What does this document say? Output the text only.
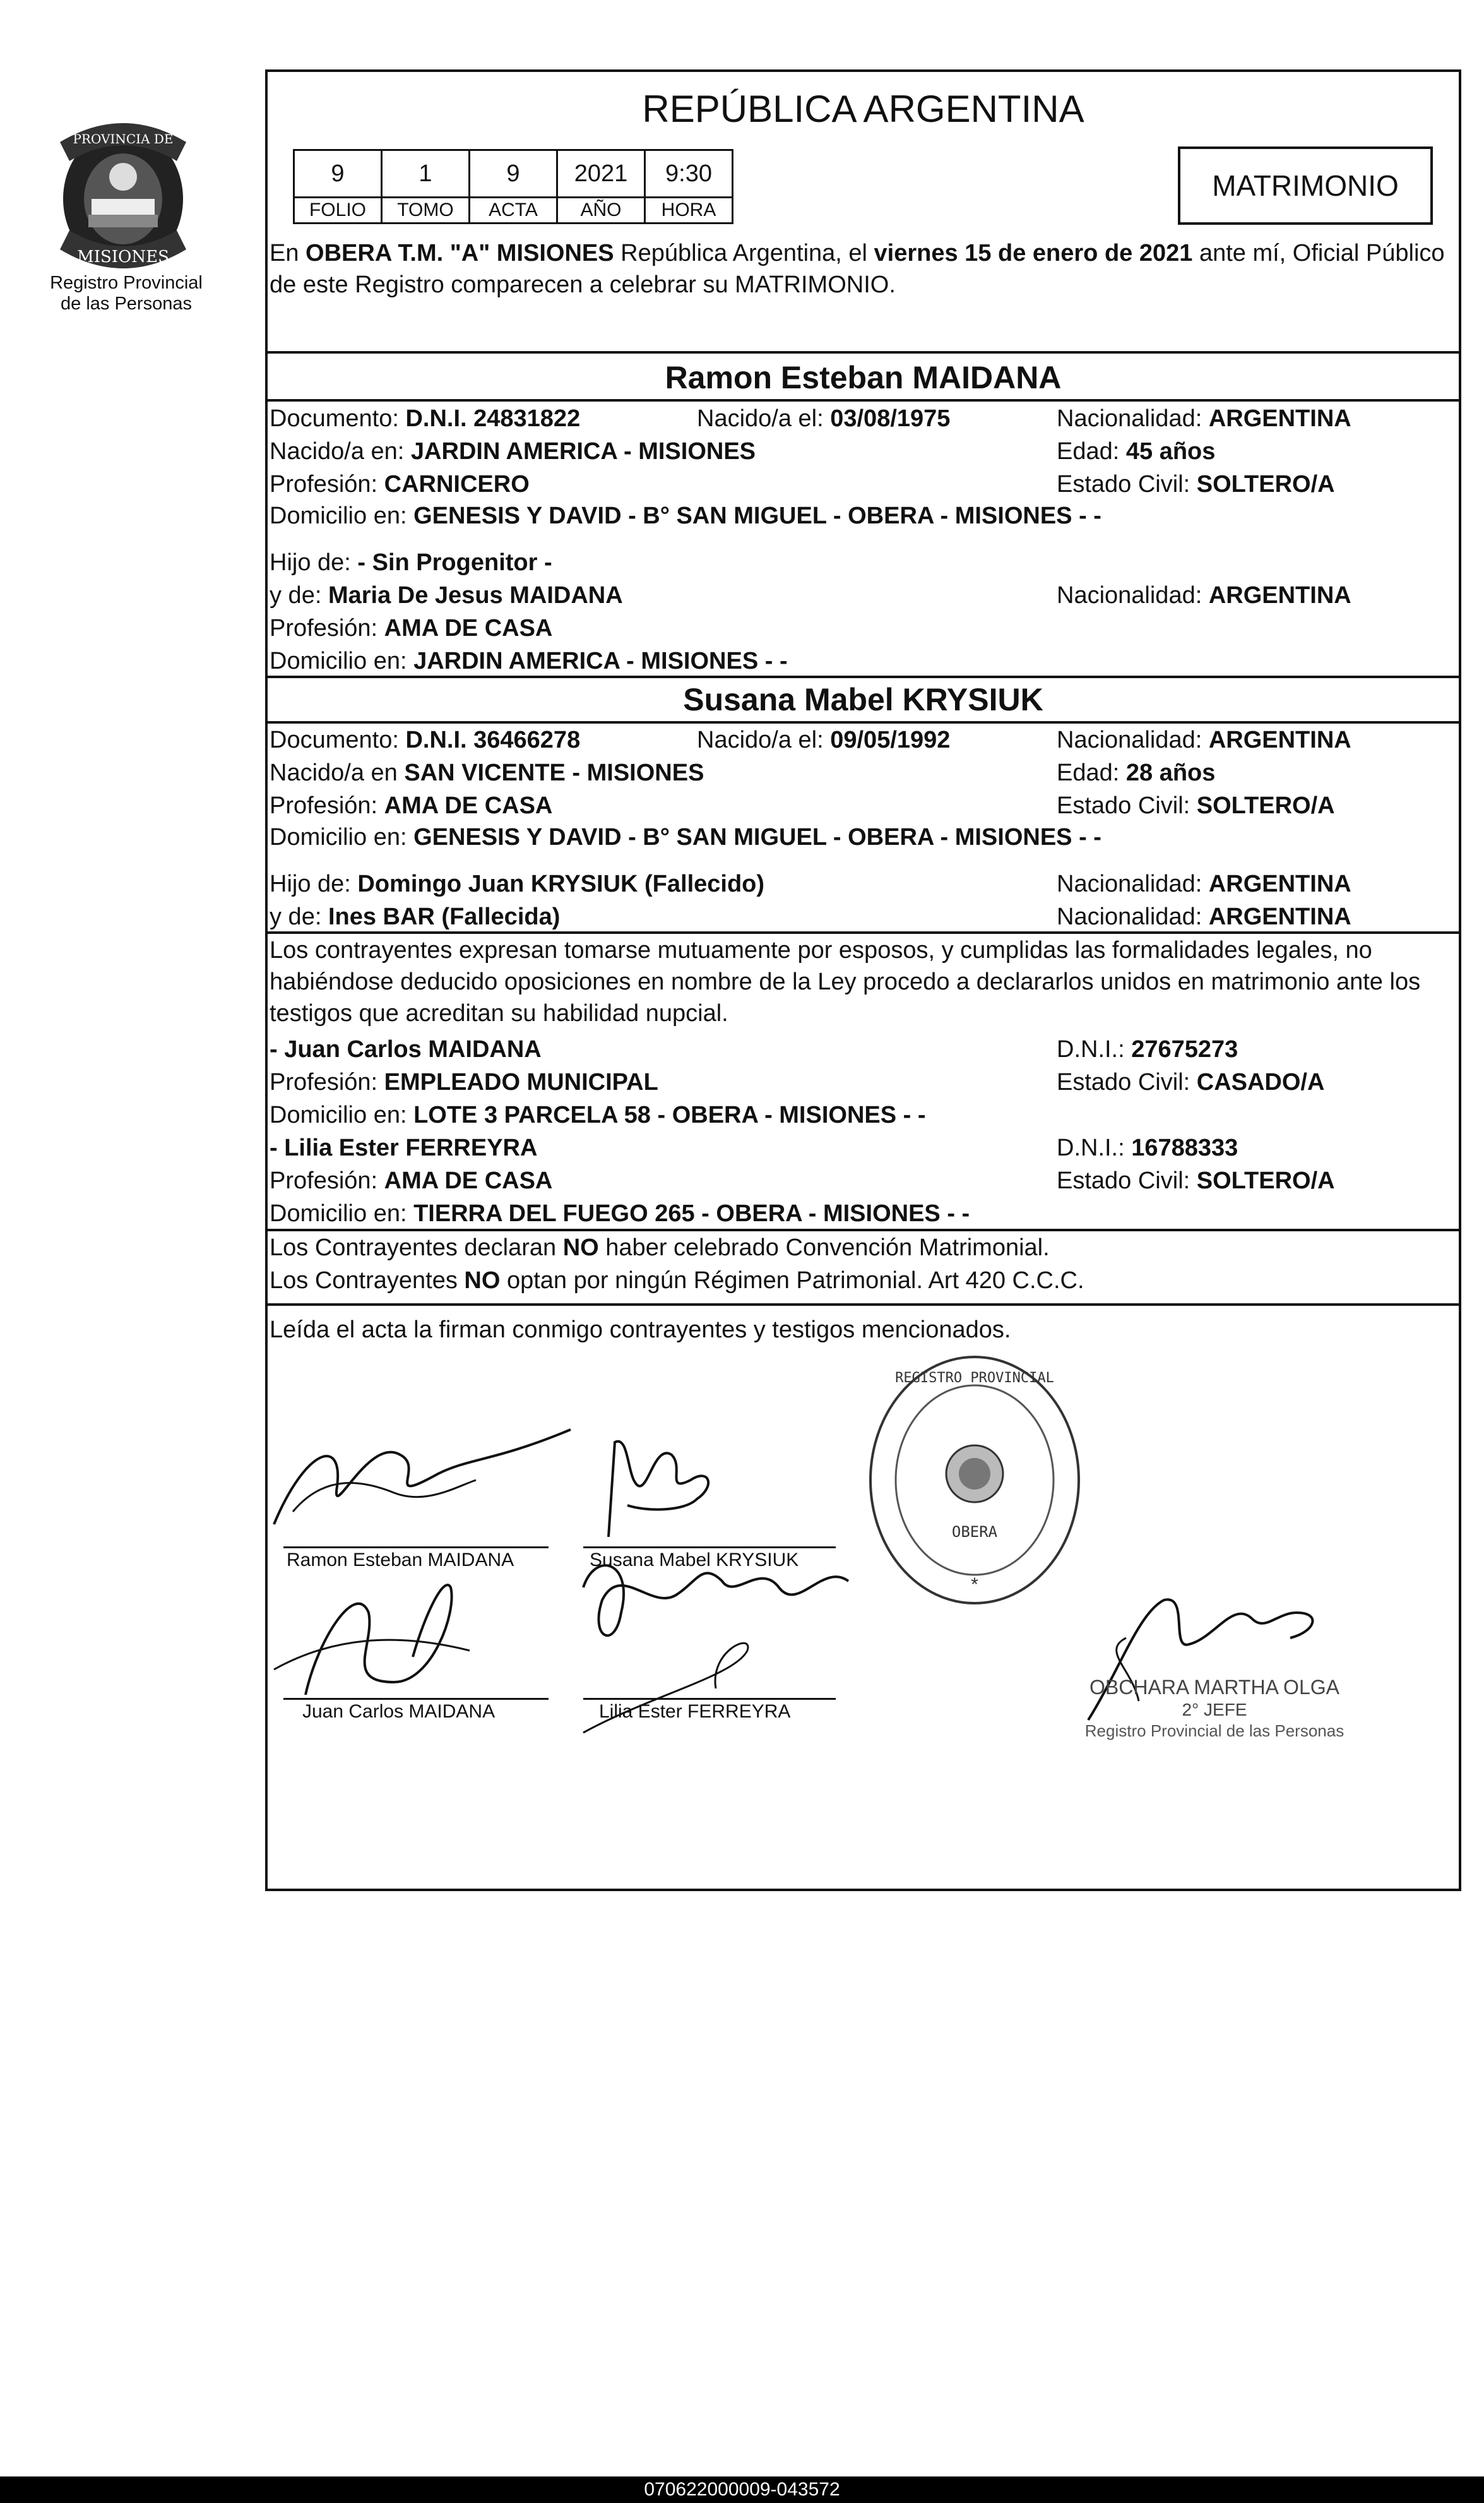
PROVINCIA DE
MISIONES
Registro Provincial
de las Personas
REPÚBLICA ARGENTINA
9	1	9	2021	9:30
FOLIO	TOMO	ACTA	AÑO	HORA
MATRIMONIO
En OBERA T.M. "A" MISIONES República Argentina, el viernes 15 de enero de 2021 ante mí, Oficial Público de este Registro comparecen a celebrar su MATRIMONIO.
Ramon Esteban MAIDANA
Documento: D.N.I. 24831822	Nacido/a el: 03/08/1975	Nacionalidad: ARGENTINA
Nacido/a en: JARDIN AMERICA - MISIONES	Edad: 45 años
Profesión: CARNICERO	Estado Civil: SOLTERO/A
Domicilio en: GENESIS Y DAVID - B° SAN MIGUEL - OBERA - MISIONES - -
Hijo de: - Sin Progenitor -
y de: Maria De Jesus MAIDANA	Nacionalidad: ARGENTINA
Profesión: AMA DE CASA
Domicilio en: JARDIN AMERICA - MISIONES - -
Susana Mabel KRYSIUK
Documento: D.N.I. 36466278	Nacido/a el: 09/05/1992	Nacionalidad: ARGENTINA
Nacido/a en SAN VICENTE - MISIONES	Edad: 28 años
Profesión: AMA DE CASA	Estado Civil: SOLTERO/A
Domicilio en: GENESIS Y DAVID - B° SAN MIGUEL - OBERA - MISIONES - -
Hijo de: Domingo Juan KRYSIUK (Fallecido)	Nacionalidad: ARGENTINA
y de: Ines BAR (Fallecida)	Nacionalidad: ARGENTINA
Los contrayentes expresan tomarse mutuamente por esposos, y cumplidas las formalidades legales, no habiéndose deducido oposiciones en nombre de la Ley procedo a declararlos unidos en matrimonio ante los testigos que acreditan su habilidad nupcial.
- Juan Carlos MAIDANA	D.N.I.: 27675273
Profesión: EMPLEADO MUNICIPAL	Estado Civil: CASADO/A
Domicilio en: LOTE 3 PARCELA 58 - OBERA - MISIONES - -
- Lilia Ester FERREYRA	D.N.I.: 16788333
Profesión: AMA DE CASA	Estado Civil: SOLTERO/A
Domicilio en: TIERRA DEL FUEGO 265 - OBERA - MISIONES - -
Los Contrayentes declaran NO haber celebrado Convención Matrimonial.
Los Contrayentes NO optan por ningún Régimen Patrimonial. Art 420 C.C.C.
Leída el acta la firman conmigo contrayentes y testigos mencionados.
Ramon Esteban MAIDANA	Susana Mabel KRYSIUK
Juan Carlos MAIDANA	Lilia Ester FERREYRA
REGISTRO PROVINCIAL
OBERA
*
OBCHARA MARTHA OLGA
2° JEFE
Registro Provincial de las Personas
070622000009-043572
